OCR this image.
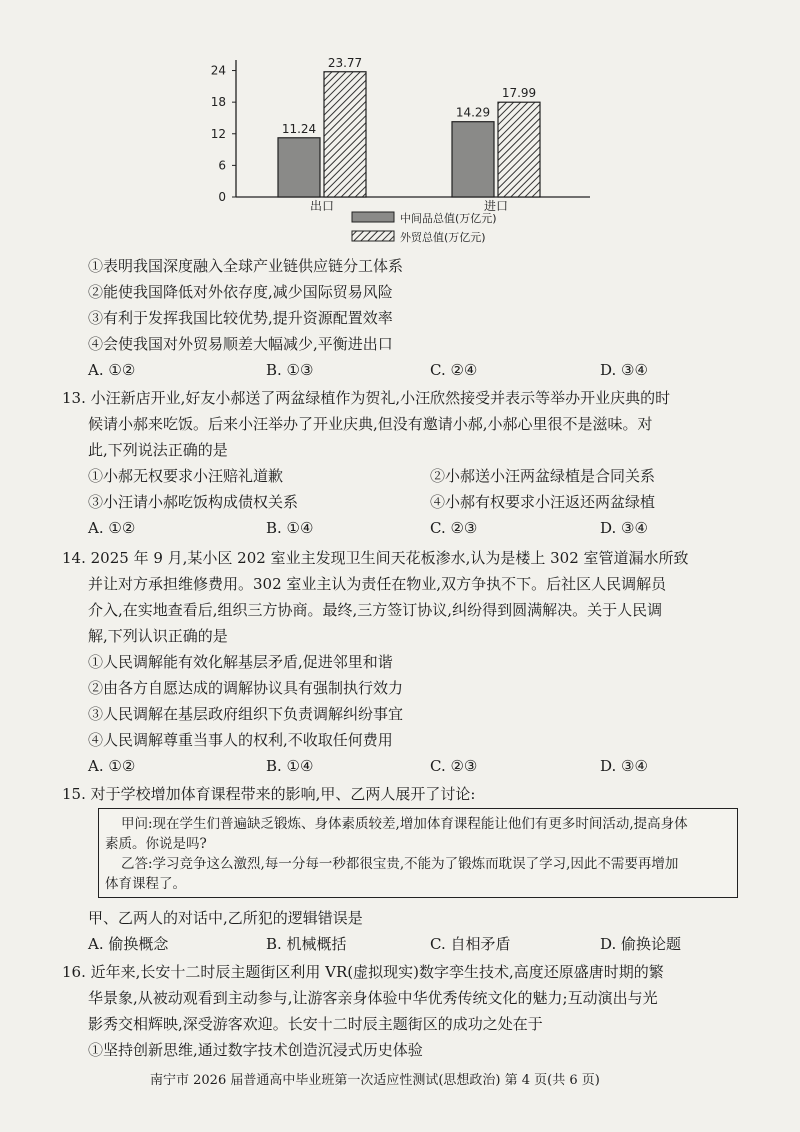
0
6
12
18
24
11.24
23.77
出口
14.29
17.99
进口
中间品总值(万亿元)
外贸总值(万亿元)
①表明我国深度融入全球产业链供应链分工体系
②能使我国降低对外依存度,减少国际贸易风险
③有利于发挥我国比较优势,提升资源配置效率
④会使我国对外贸易顺差大幅减少,平衡进出口
A. ①②	B. ①③	C. ②④	D. ③④
13. 小汪新店开业,好友小郝送了两盆绿植作为贺礼,小汪欣然接受并表示等举办开业庆典的时
候请小郝来吃饭。后来小汪举办了开业庆典,但没有邀请小郝,小郝心里很不是滋味。对
此,下列说法正确的是
①小郝无权要求小汪赔礼道歉	②小郝送小汪两盆绿植是合同关系
③小汪请小郝吃饭构成债权关系	④小郝有权要求小汪返还两盆绿植
A. ①②	B. ①④	C. ②③	D. ③④
14. 2025 年 9 月,某小区 202 室业主发现卫生间天花板渗水,认为是楼上 302 室管道漏水所致
并让对方承担维修费用。302 室业主认为责任在物业,双方争执不下。后社区人民调解员
介入,在实地查看后,组织三方协商。最终,三方签订协议,纠纷得到圆满解决。关于人民调
解,下列认识正确的是
①人民调解能有效化解基层矛盾,促进邻里和谐
②由各方自愿达成的调解协议具有强制执行效力
③人民调解在基层政府组织下负责调解纠纷事宜
④人民调解尊重当事人的权利,不收取任何费用
A. ①②	B. ①④	C. ②③	D. ③④
15. 对于学校增加体育课程带来的影响,甲、乙两人展开了讨论:
甲问:现在学生们普遍缺乏锻炼、身体素质较差,增加体育课程能让他们有更多时间活动,提高身体
素质。你说是吗?
乙答:学习竞争这么激烈,每一分每一秒都很宝贵,不能为了锻炼而耽误了学习,因此不需要再增加
体育课程了。
甲、乙两人的对话中,乙所犯的逻辑错误是
A. 偷换概念	B. 机械概括	C. 自相矛盾	D. 偷换论题
16. 近年来,长安十二时辰主题街区利用 VR(虚拟现实)数字孪生技术,高度还原盛唐时期的繁
华景象,从被动观看到主动参与,让游客亲身体验中华优秀传统文化的魅力;互动演出与光
影秀交相辉映,深受游客欢迎。长安十二时辰主题街区的成功之处在于
①坚持创新思维,通过数字技术创造沉浸式历史体验
南宁市 2026 届普通高中毕业班第一次适应性测试(思想政治) 第 4 页(共 6 页)
